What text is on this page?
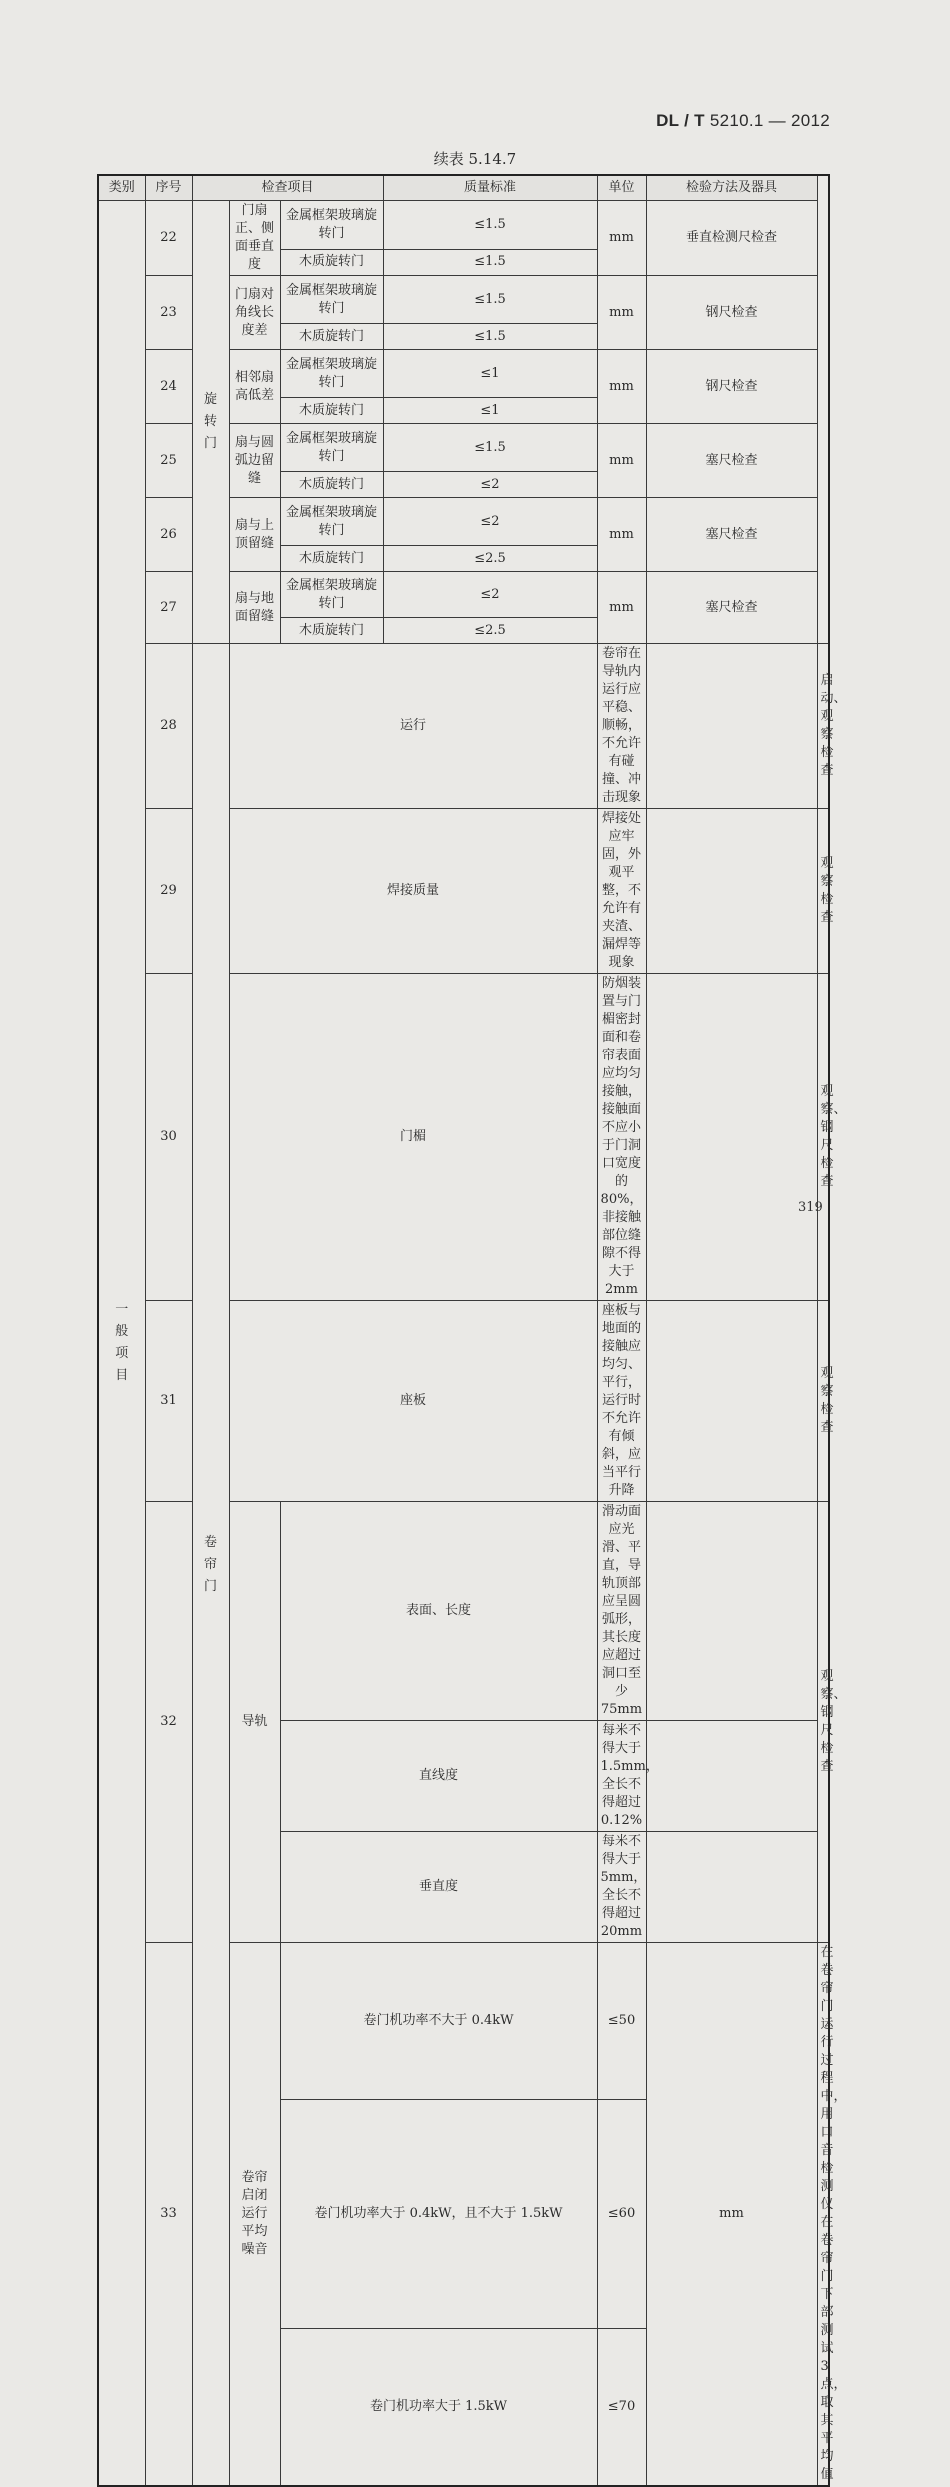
DL / T 5210.1 — 2012
续表 5.14.7
类别	序号	检查项目			质量标准	单位	检验方法及器具	
一般项目	22	旋转门	门扇正、侧面垂直度	金属框架玻璃旋转门	≤1.5	mm	垂直检测尺检查	
				木质旋转门	≤1.5			
	23		门扇对角线长度差	金属框架玻璃旋转门	≤1.5	mm	钢尺检查	
				木质旋转门	≤1.5			
	24		相邻扇高低差	金属框架玻璃旋转门	≤1	mm	钢尺检查	
				木质旋转门	≤1			
	25		扇与圆弧边留缝	金属框架玻璃旋转门	≤1.5	mm	塞尺检查	
				木质旋转门	≤2			
	26		扇与上顶留缝	金属框架玻璃旋转门	≤2	mm	塞尺检查	
				木质旋转门	≤2.5			
	27		扇与地面留缝	金属框架玻璃旋转门	≤2	mm	塞尺检查	
				木质旋转门	≤2.5			
	28	卷帘门	运行			卷帘在导轨内运行应平稳、顺畅，不允许有碰撞、冲击现象		启动、观察检查
	29		焊接质量			焊接处应牢固，外观平整，不允许有夹渣、漏焊等现象		观察检查
	30		门楣			防烟装置与门楣密封面和卷帘表面应均匀接触，接触面不应小于门洞口宽度的 80%，非接触部位缝隙不得大于 2mm		观察、钢尺检查
	31		座板			座板与地面的接触应均匀、平行，运行时不允许有倾斜，应当平行升降		观察检查
	32		导轨	表面、长度		滑动面应光滑、平直，导轨顶部应呈圆弧形，其长度应超过洞口至少 75mm		观察、钢尺检查
				直线度		每米不得大于 1.5mm，全长不得超过 0.12%		
				垂直度		每米不得大于 5mm，全长不得超过 20mm		
	33		卷帘启闭运行平均噪音	卷门机功率不大于 0.4kW		≤50	mm	在卷帘门运行过程中，用口音检测仪在卷帘门下部测试 3 点，取其平均值
				卷门机功率大于 0.4kW，且不大于 1.5kW		≤60		
				卷门机功率大于 1.5kW		≤70		
319
